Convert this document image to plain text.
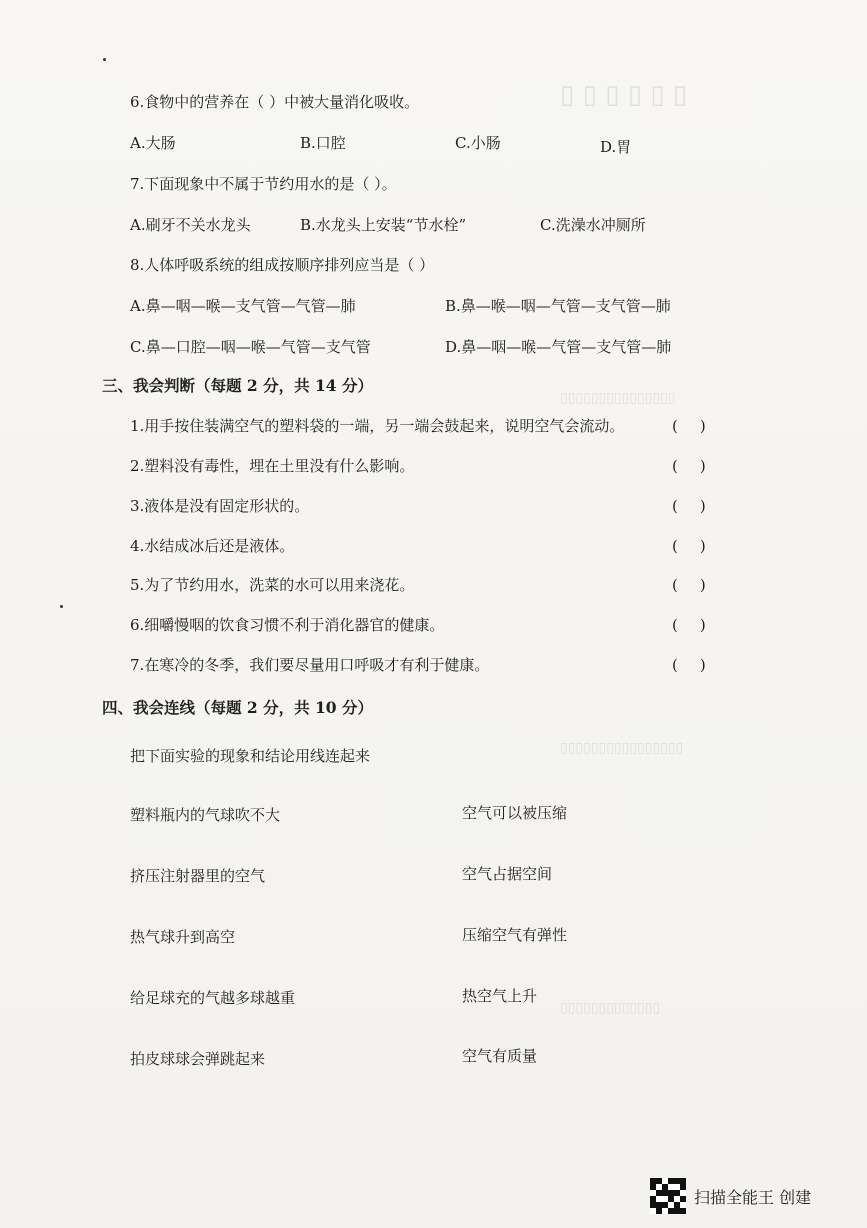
▯ ▯ ▯ ▯ ▯ ▯
▯▯▯▯▯▯▯▯▯▯▯▯▯▯▯
▯▯▯▯▯▯▯▯▯▯▯▯▯▯▯▯
▯▯▯▯▯▯▯▯▯▯▯▯▯
6.食物中的营养在（ ）中被大量消化吸收。
A.大肠	B.口腔	C.小肠	D.胃
7.下面现象中不属于节约用水的是（ ）。
A.刷牙不关水龙头	B.水龙头上安装“节水栓”	C.洗澡水冲厕所
8.人体呼吸系统的组成按顺序排列应当是（ ）
A.鼻—咽—喉—支气管—气管—肺	B.鼻—喉—咽—气管—支气管—肺
C.鼻—口腔—咽—喉—气管—支气管	D.鼻—咽—喉—气管—支气管—肺
三、我会判断（每题 2 分，共 14 分）
1.用手按住装满空气的塑料袋的一端，另一端会鼓起来，说明空气会流动。	( )
2.塑料没有毒性，埋在土里没有什么影响。	( )
3.液体是没有固定形状的。	( )
4.水结成冰后还是液体。	( )
5.为了节约用水，洗菜的水可以用来浇花。	( )
6.细嚼慢咽的饮食习惯不利于消化器官的健康。	( )
7.在寒冷的冬季，我们要尽量用口呼吸才有利于健康。	( )
四、我会连线（每题 2 分，共 10 分）
把下面实验的现象和结论用线连起来
塑料瓶内的气球吹不大	空气可以被压缩
挤压注射器里的空气	空气占据空间
热气球升到高空	压缩空气有弹性
给足球充的气越多球越重	热空气上升
拍皮球球会弹跳起来	空气有质量
扫描全能王 创建
